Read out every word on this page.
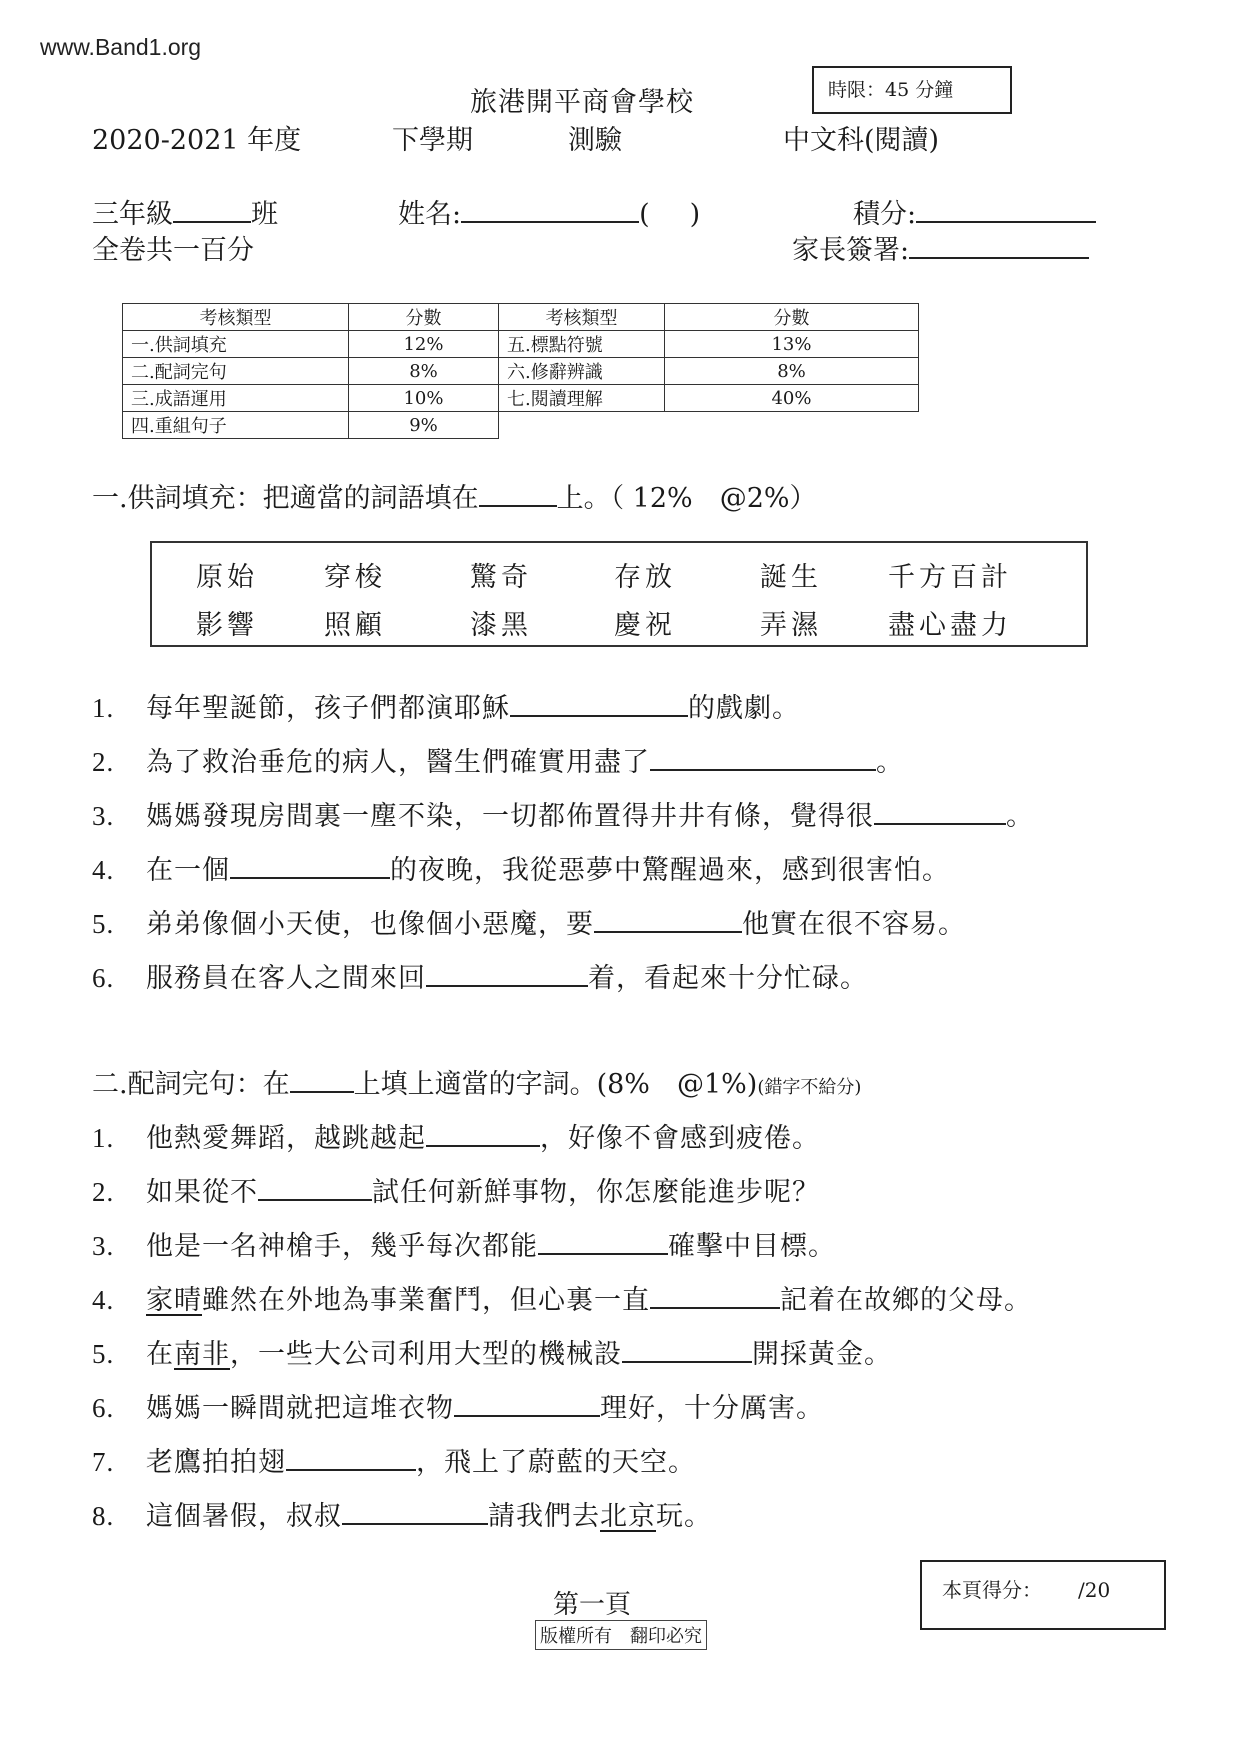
www.Band1.org
旅港開平商會學校	時限：45 分鐘
2020-2021 年度	下學期	測驗	中文科(閱讀)
三年級	班	姓名:	( )	積分:
全卷共一百分	家長簽署:
考核類型	分數	考核類型	分數
一.供詞填充	12%	五.標點符號	13%
二.配詞完句	8%	六.修辭辨識	8%
三.成語運用	10%	七.閱讀理解	40%
四.重組句子	9%		
一.供詞填充：把適當的詞語填在	上。（ 12%　@2%）
原始 穿梭	驚奇	存放	誕生 千方百計
影響 照顧	漆黑	慶祝	弄濕 盡心盡力
1. 每年聖誕節，孩子們都演耶穌	的戲劇。
2. 為了救治垂危的病人，醫生們確實用盡了	。
3. 媽媽發現房間裏一塵不染，一切都佈置得井井有條，覺得很	。
4. 在一個	的夜晚，我從惡夢中驚醒過來，感到很害怕。
5. 弟弟像個小天使，也像個小惡魔，要	他實在很不容易。
6. 服務員在客人之間來回	着，看起來十分忙碌。
二.配詞完句：在 上填上適當的字詞。(8%　@1%)(錯字不給分)
1. 他熱愛舞蹈，越跳越起	，好像不會感到疲倦。
2. 如果從不	試任何新鮮事物，你怎麼能進步呢？
3. 他是一名神槍手，幾乎每次都能	確擊中目標。
4. 家晴雖然在外地為事業奮鬥，但心裏一直	記着在故鄉的父母。
5. 在南非，一些大公司利用大型的機械設	開採黃金。
6. 媽媽一瞬間就把這堆衣物	理好，十分厲害。
7. 老鷹拍拍翅	，飛上了蔚藍的天空。
8. 這個暑假，叔叔	請我們去北京玩。
第一頁
版權所有　翻印必究
本頁得分： /20
